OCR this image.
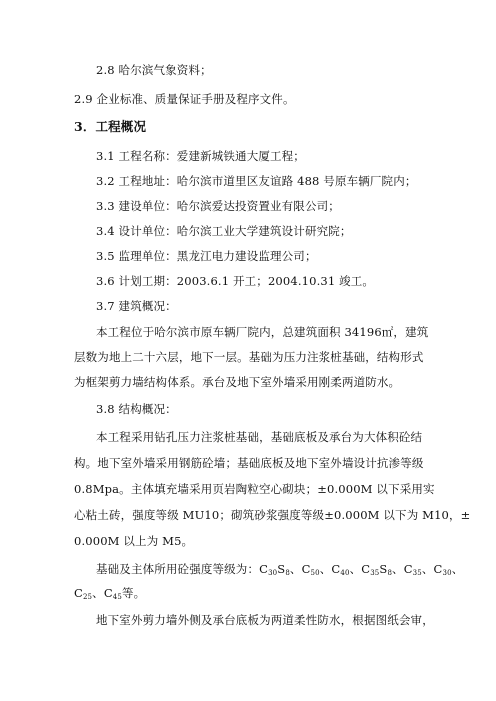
2.8 哈尔滨气象资料；
2.9 企业标准、质量保证手册及程序文件。
3．工程概况
3.1 工程名称：爱建新城铁通大厦工程；
3.2 工程地址：哈尔滨市道里区友谊路 488 号原车辆厂院内；
3.3 建设单位：哈尔滨爱达投资置业有限公司；
3.4 设计单位：哈尔滨工业大学建筑设计研究院；
3.5 监理单位：黑龙江电力建设监理公司；
3.6 计划工期：2003.6.1 开工；2004.10.31 竣工。
3.7 建筑概况：
本工程位于哈尔滨市原车辆厂院内，总建筑面积 34196㎡，建筑
层数为地上二十六层，地下一层。基础为压力注浆桩基础，结构形式
为框架剪力墙结构体系。承台及地下室外墙采用刚柔两道防水。
3.8 结构概况：
本工程采用钻孔压力注浆桩基础，基础底板及承台为大体积砼结
构。地下室外墙采用钢筋砼墙；基础底板及地下室外墙设计抗渗等级
0.8Mpa。主体填充墙采用页岩陶粒空心砌块；±0.000M 以下采用实
心粘土砖，强度等级 MU10；砌筑砂浆强度等级±0.000M 以下为 M10，±
0.000M 以上为 M5。
基础及主体所用砼强度等级为：$C_{30}S_8$、$C_{50}$、$C_{40}$、$C_{35}S_8$、$C_{35}$、$C_{30}$、
$C_{25}$、$C_{45}$等。
地下室外剪力墙外侧及承台底板为两道柔性防水，根据图纸会审，
